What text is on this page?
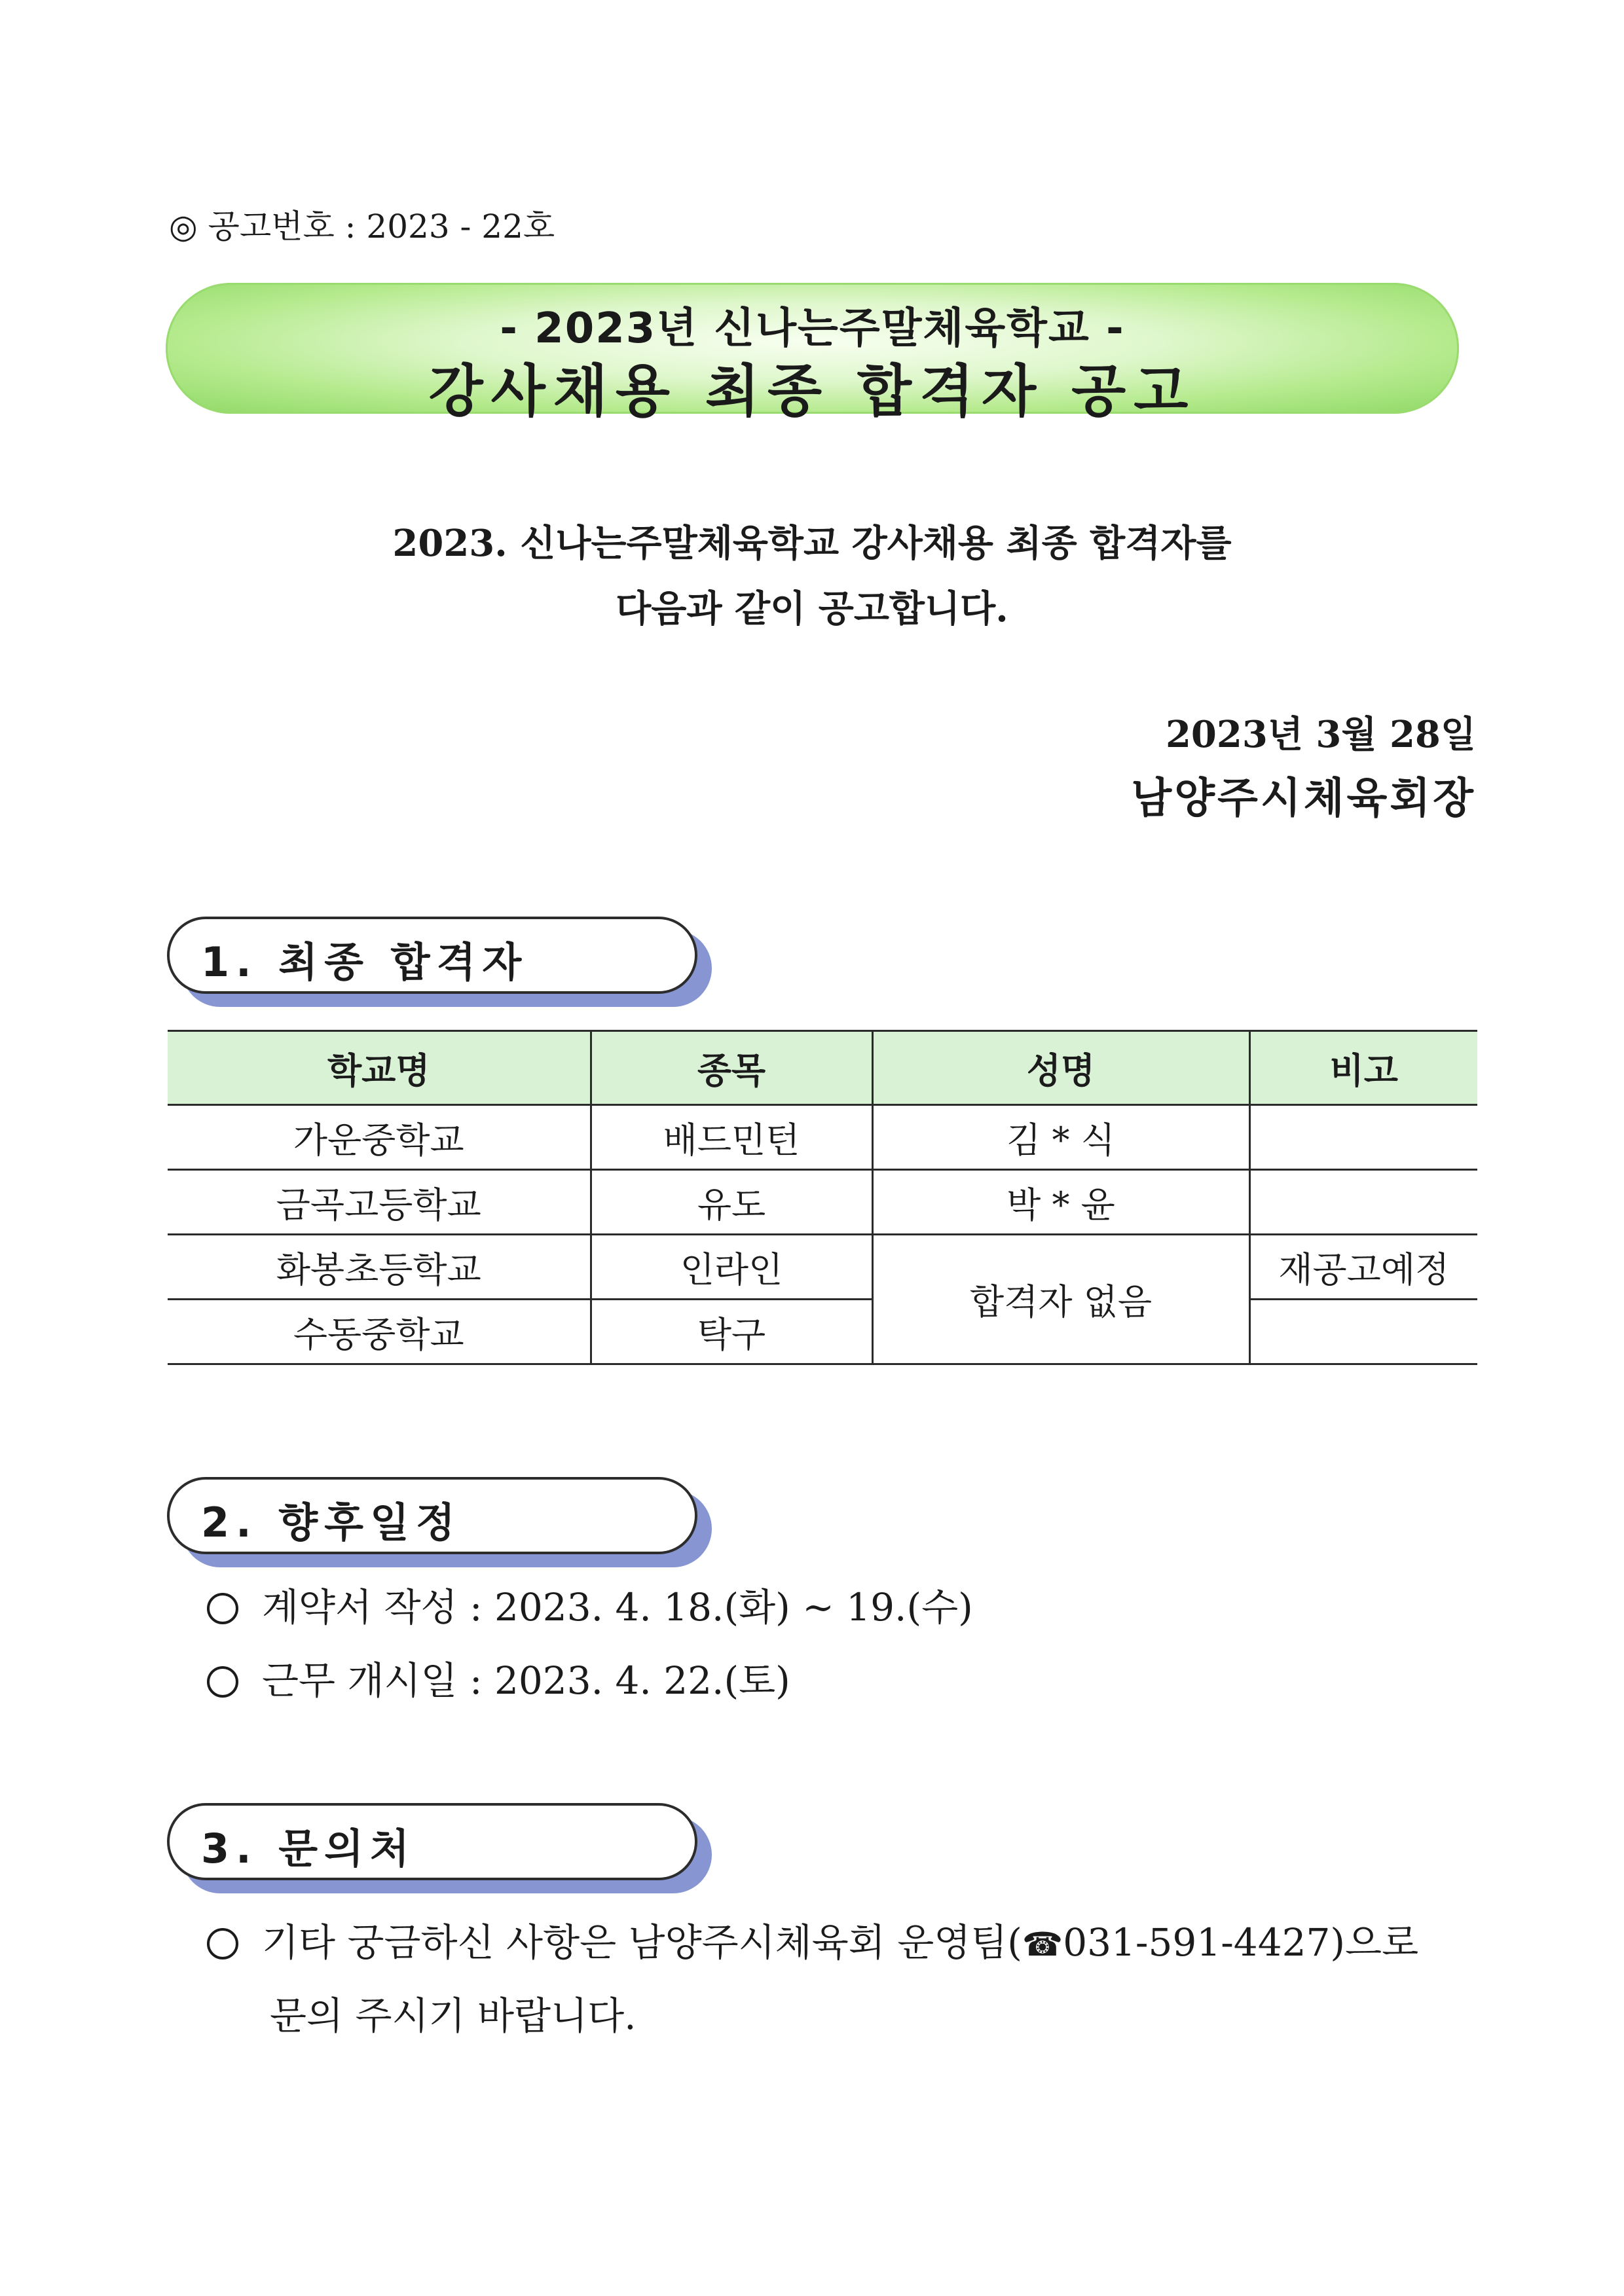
◎ 공고번호 : 2023 - 22호
- 2023년 신나는주말체육학교 -
강사채용 최종 합격자 공고
2023. 신나는주말체육학교 강사채용 최종 합격자를
다음과 같이 공고합니다.
2023년 3월 28일
남양주시체육회장
1. 최종 합격자
학교명	종목	성명	비고
가운중학교	배드민턴	김 * 식	
금곡고등학교	유도	박 * 윤	
화봉초등학교	인라인	합격자 없음	재공고예정
수동중학교	탁구		
2. 향후일정
계약서 작성 : 2023. 4. 18.(화) ~ 19.(수)
근무 개시일 : 2023. 4. 22.(토)
3. 문의처
기타 궁금하신 사항은 남양주시체육회 운영팀(☎031-591-4427)으로
문의 주시기 바랍니다.
